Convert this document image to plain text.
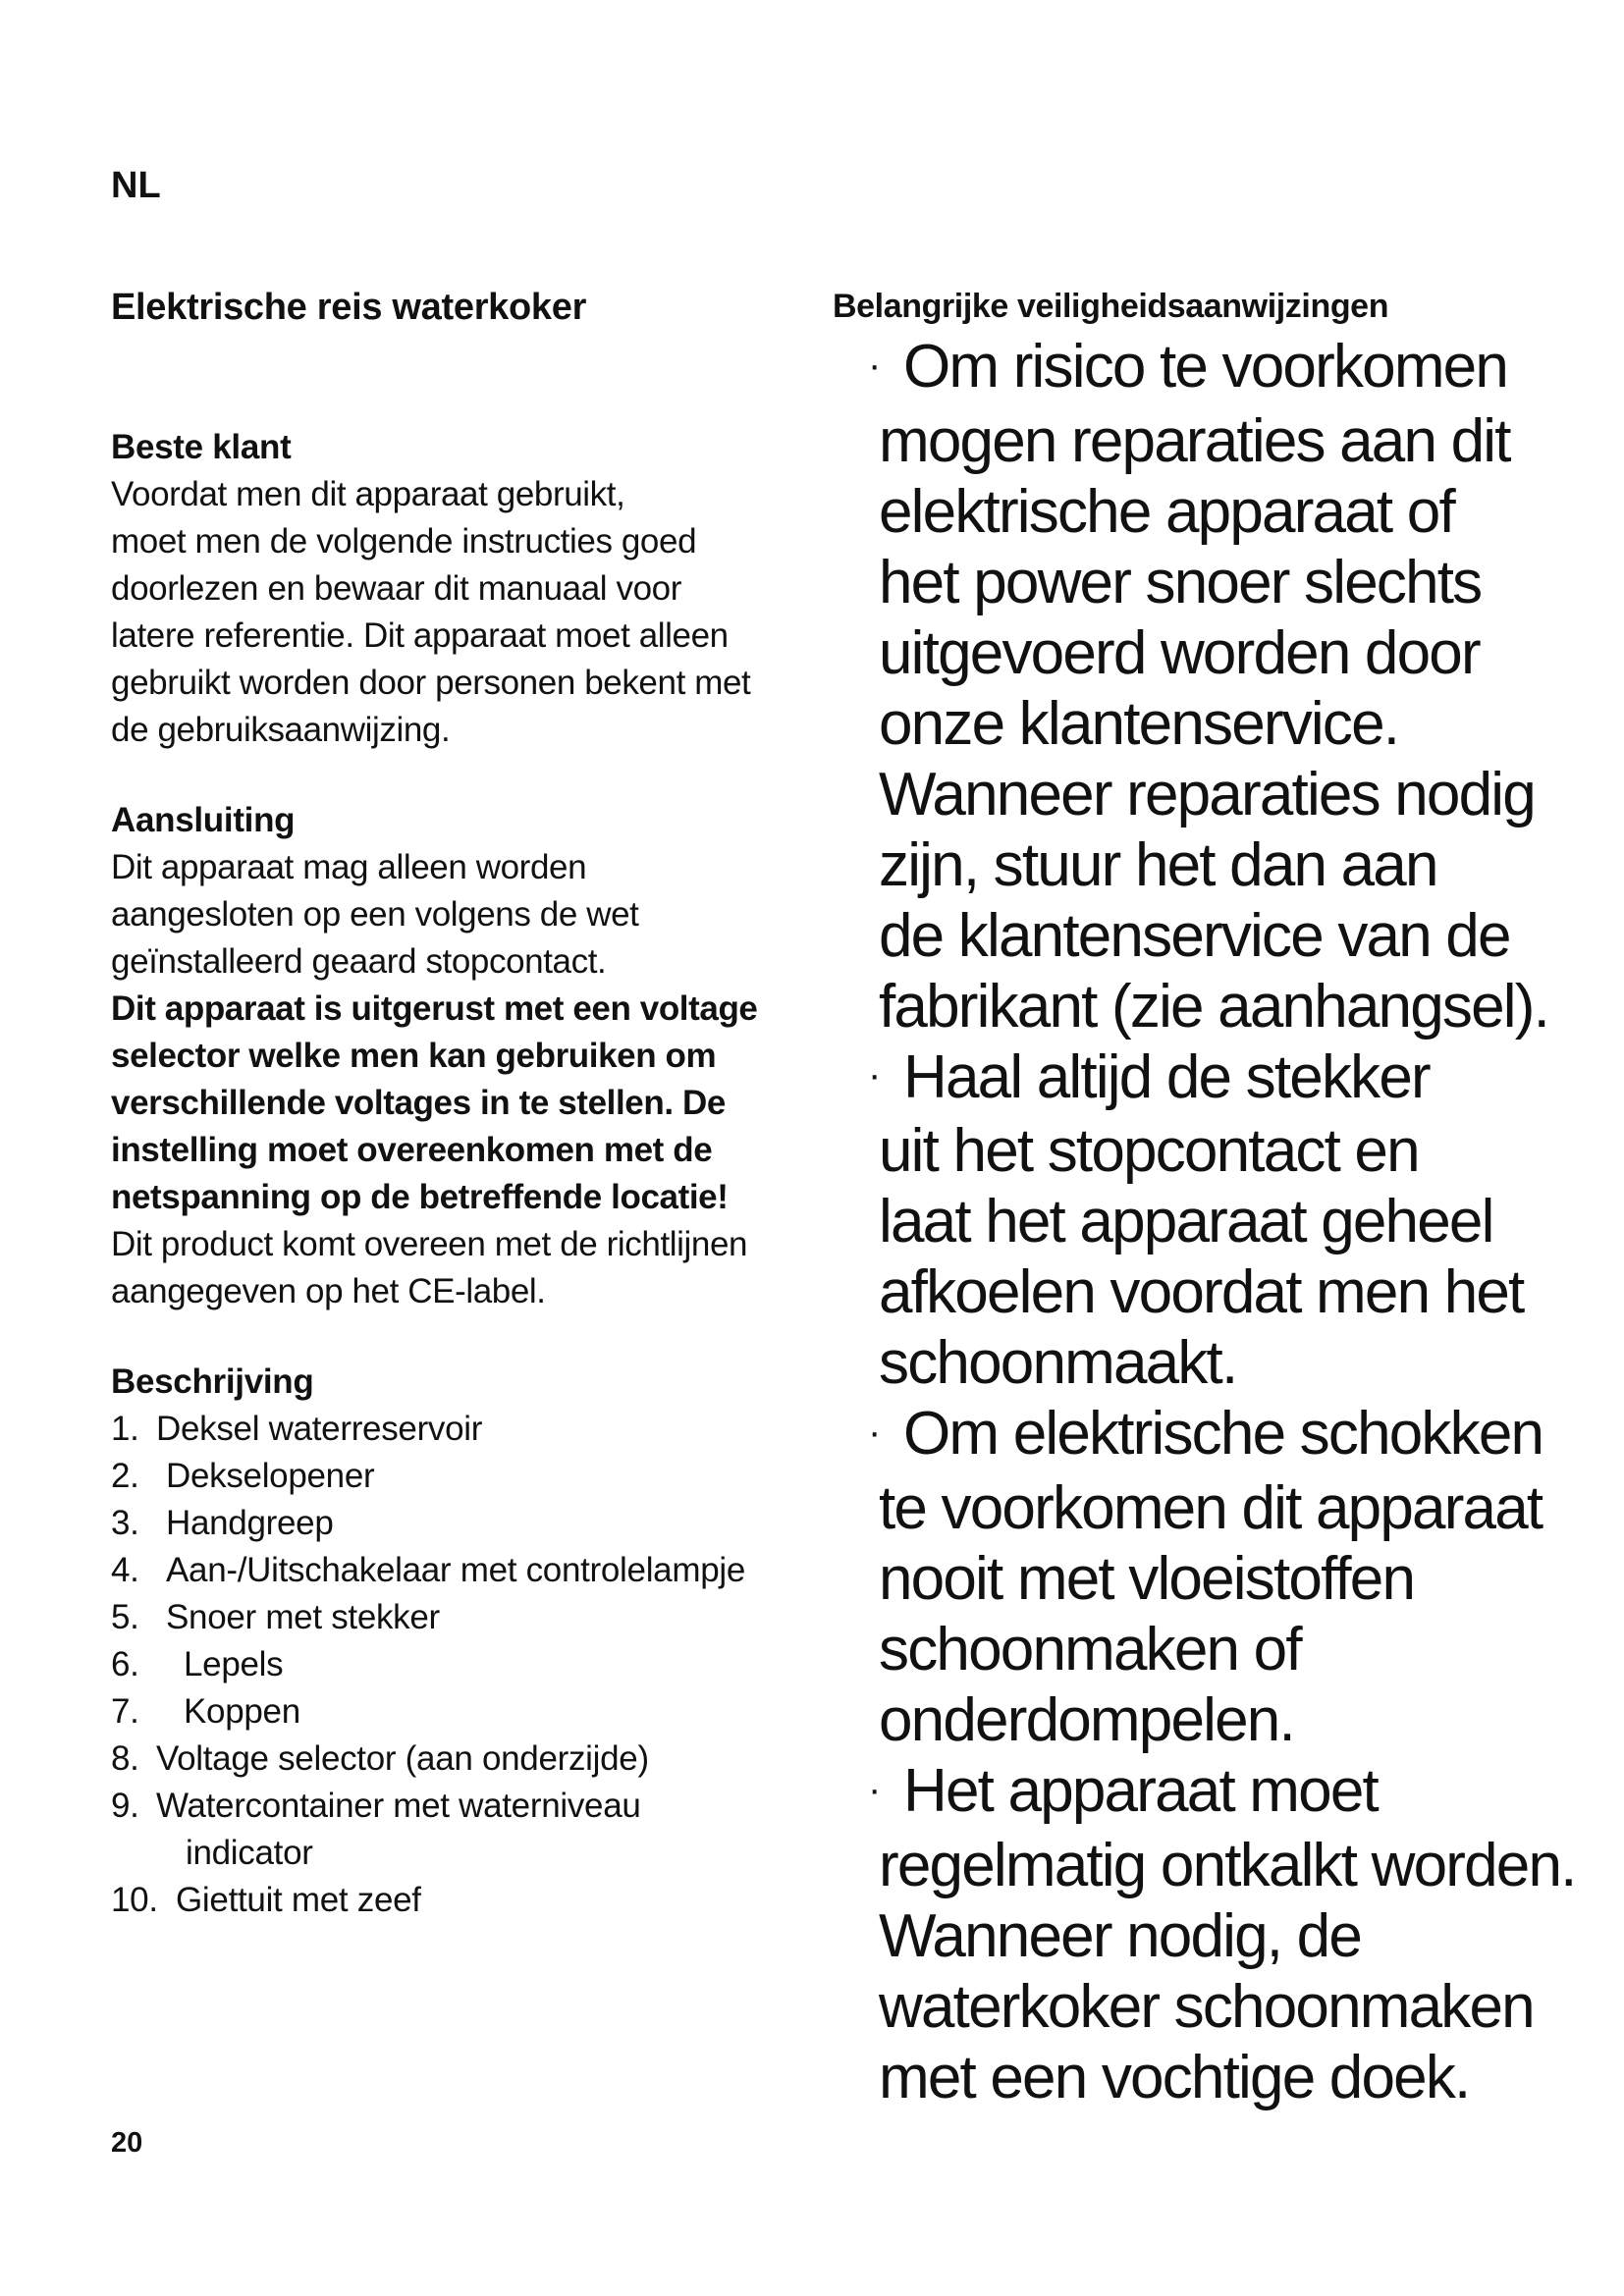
NL
Elektrische reis waterkoker
Beste klant

Voordat men dit apparaat gebruikt,

moet men de volgende instructies goed

doorlezen en bewaar dit manuaal voor

latere referentie. Dit apparaat moet alleen

gebruikt worden door personen bekent met

de gebruiksaanwijzing.

Aansluiting

Dit apparaat mag alleen worden

aangesloten op een volgens de wet

geïnstalleerd geaard stopcontact.

Dit apparaat is uitgerust met een voltage

selector welke men kan gebruiken om

verschillende voltages in te stellen. De

instelling moet overeenkomen met de

netspanning op de betreffende locatie!

Dit product komt overeen met de richtlijnen

aangegeven op het CE-label.

Beschrijving
1. Deksel waterreservoir
2. Dekselopener
3. Handgreep
4. Aan-/Uitschakelaar met controlelampje
5. Snoer met stekker
6.	Lepels
7.	Koppen
8. Voltage selector (aan onderzijde)
9. Watercontainer met waterniveau
indicator
10. Giettuit met zeef
Belangrijke veiligheidsaanwijzingen
· Om risico te voorkomen
mogen reparaties aan dit
elektrische apparaat of
het power snoer slechts
uitgevoerd worden door
onze klantenservice.
Wanneer reparaties nodig
zijn, stuur het dan aan
de klantenservice van de
fabrikant (zie aanhangsel).
· Haal altijd de stekker
uit het stopcontact en
laat het apparaat geheel
afkoelen voordat men het
schoonmaakt.
· Om elektrische schokken
te voorkomen dit apparaat
nooit met vloeistoffen
schoonmaken of
onderdompelen.
· Het apparaat moet
regelmatig ontkalkt worden.
Wanneer nodig, de
waterkoker schoonmaken
met een vochtige doek.
20
